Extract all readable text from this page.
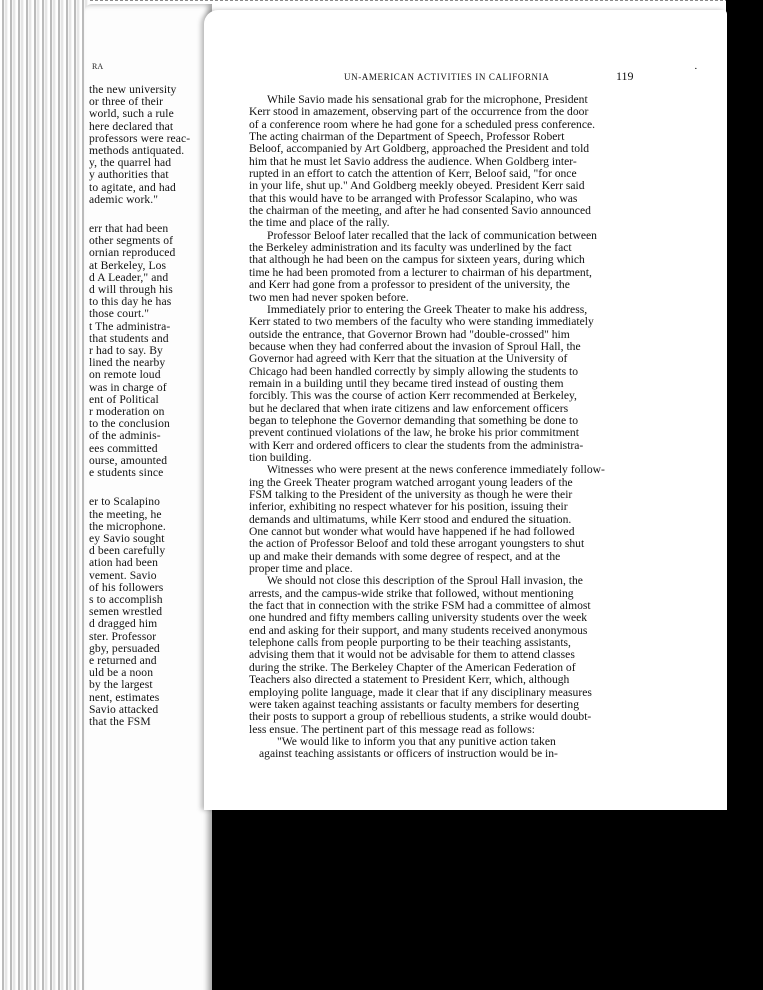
RA
the new university
or three of their
world, such a rule
here declared that
professors were reac-
methods antiquated.
y, the quarrel had
y authorities that
to agitate, and had
ademic work."
err that had been
other segments of
ornian reproduced
at Berkeley, Los
d A Leader," and
d will through his
to this day he has
those court."
t The administra-
that students and
r had to say. By
lined the nearby
on remote loud
was in charge of
ent of Political
r moderation on
to the conclusion
of the adminis-
ees committed
ourse, amounted
e students since
er to Scalapino
the meeting, he
the microphone.
ey Savio sought
d been carefully
ation had been
vement. Savio
of his followers
s to accomplish
semen wrestled
d dragged him
ster. Professor
gby, persuaded
e returned and
uld be a noon
by the largest
nent, estimates
Savio attacked
that the FSM
UN-AMERICAN ACTIVITIES IN CALIFORNIA	119
While Savio made his sensational grab for the microphone, President
Kerr stood in amazement, observing part of the occurrence from the door
of a conference room where he had gone for a scheduled press conference.
The acting chairman of the Department of Speech, Professor Robert
Beloof, accompanied by Art Goldberg, approached the President and told
him that he must let Savio address the audience. When Goldberg inter-
rupted in an effort to catch the attention of Kerr, Beloof said, "for once
in your life, shut up." And Goldberg meekly obeyed. President Kerr said
that this would have to be arranged with Professor Scalapino, who was
the chairman of the meeting, and after he had consented Savio announced
the time and place of the rally.
Professor Beloof later recalled that the lack of communication between
the Berkeley administration and its faculty was underlined by the fact
that although he had been on the campus for sixteen years, during which
time he had been promoted from a lecturer to chairman of his department,
and Kerr had gone from a professor to president of the university, the
two men had never spoken before.
Immediately prior to entering the Greek Theater to make his address,
Kerr stated to two members of the faculty who were standing immediately
outside the entrance, that Governor Brown had "double-crossed" him
because when they had conferred about the invasion of Sproul Hall, the
Governor had agreed with Kerr that the situation at the University of
Chicago had been handled correctly by simply allowing the students to
remain in a building until they became tired instead of ousting them
forcibly. This was the course of action Kerr recommended at Berkeley,
but he declared that when irate citizens and law enforcement officers
began to telephone the Governor demanding that something be done to
prevent continued violations of the law, he broke his prior commitment
with Kerr and ordered officers to clear the students from the administra-
tion building.
Witnesses who were present at the news conference immediately follow-
ing the Greek Theater program watched arrogant young leaders of the
FSM talking to the President of the university as though he were their
inferior, exhibiting no respect whatever for his position, issuing their
demands and ultimatums, while Kerr stood and endured the situation.
One cannot but wonder what would have happened if he had followed
the action of Professor Beloof and told these arrogant youngsters to shut
up and make their demands with some degree of respect, and at the
proper time and place.
We should not close this description of the Sproul Hall invasion, the
arrests, and the campus-wide strike that followed, without mentioning
the fact that in connection with the strike FSM had a committee of almost
one hundred and fifty members calling university students over the week
end and asking for their support, and many students received anonymous
telephone calls from people purporting to be their teaching assistants,
advising them that it would not be advisable for them to attend classes
during the strike. The Berkeley Chapter of the American Federation of
Teachers also directed a statement to President Kerr, which, although
employing polite language, made it clear that if any disciplinary measures
were taken against teaching assistants or faculty members for deserting
their posts to support a group of rebellious students, a strike would doubt-
less ensue. The pertinent part of this message read as follows:
"We would like to inform you that any punitive action taken
against teaching assistants or officers of instruction would be in-
‌·
